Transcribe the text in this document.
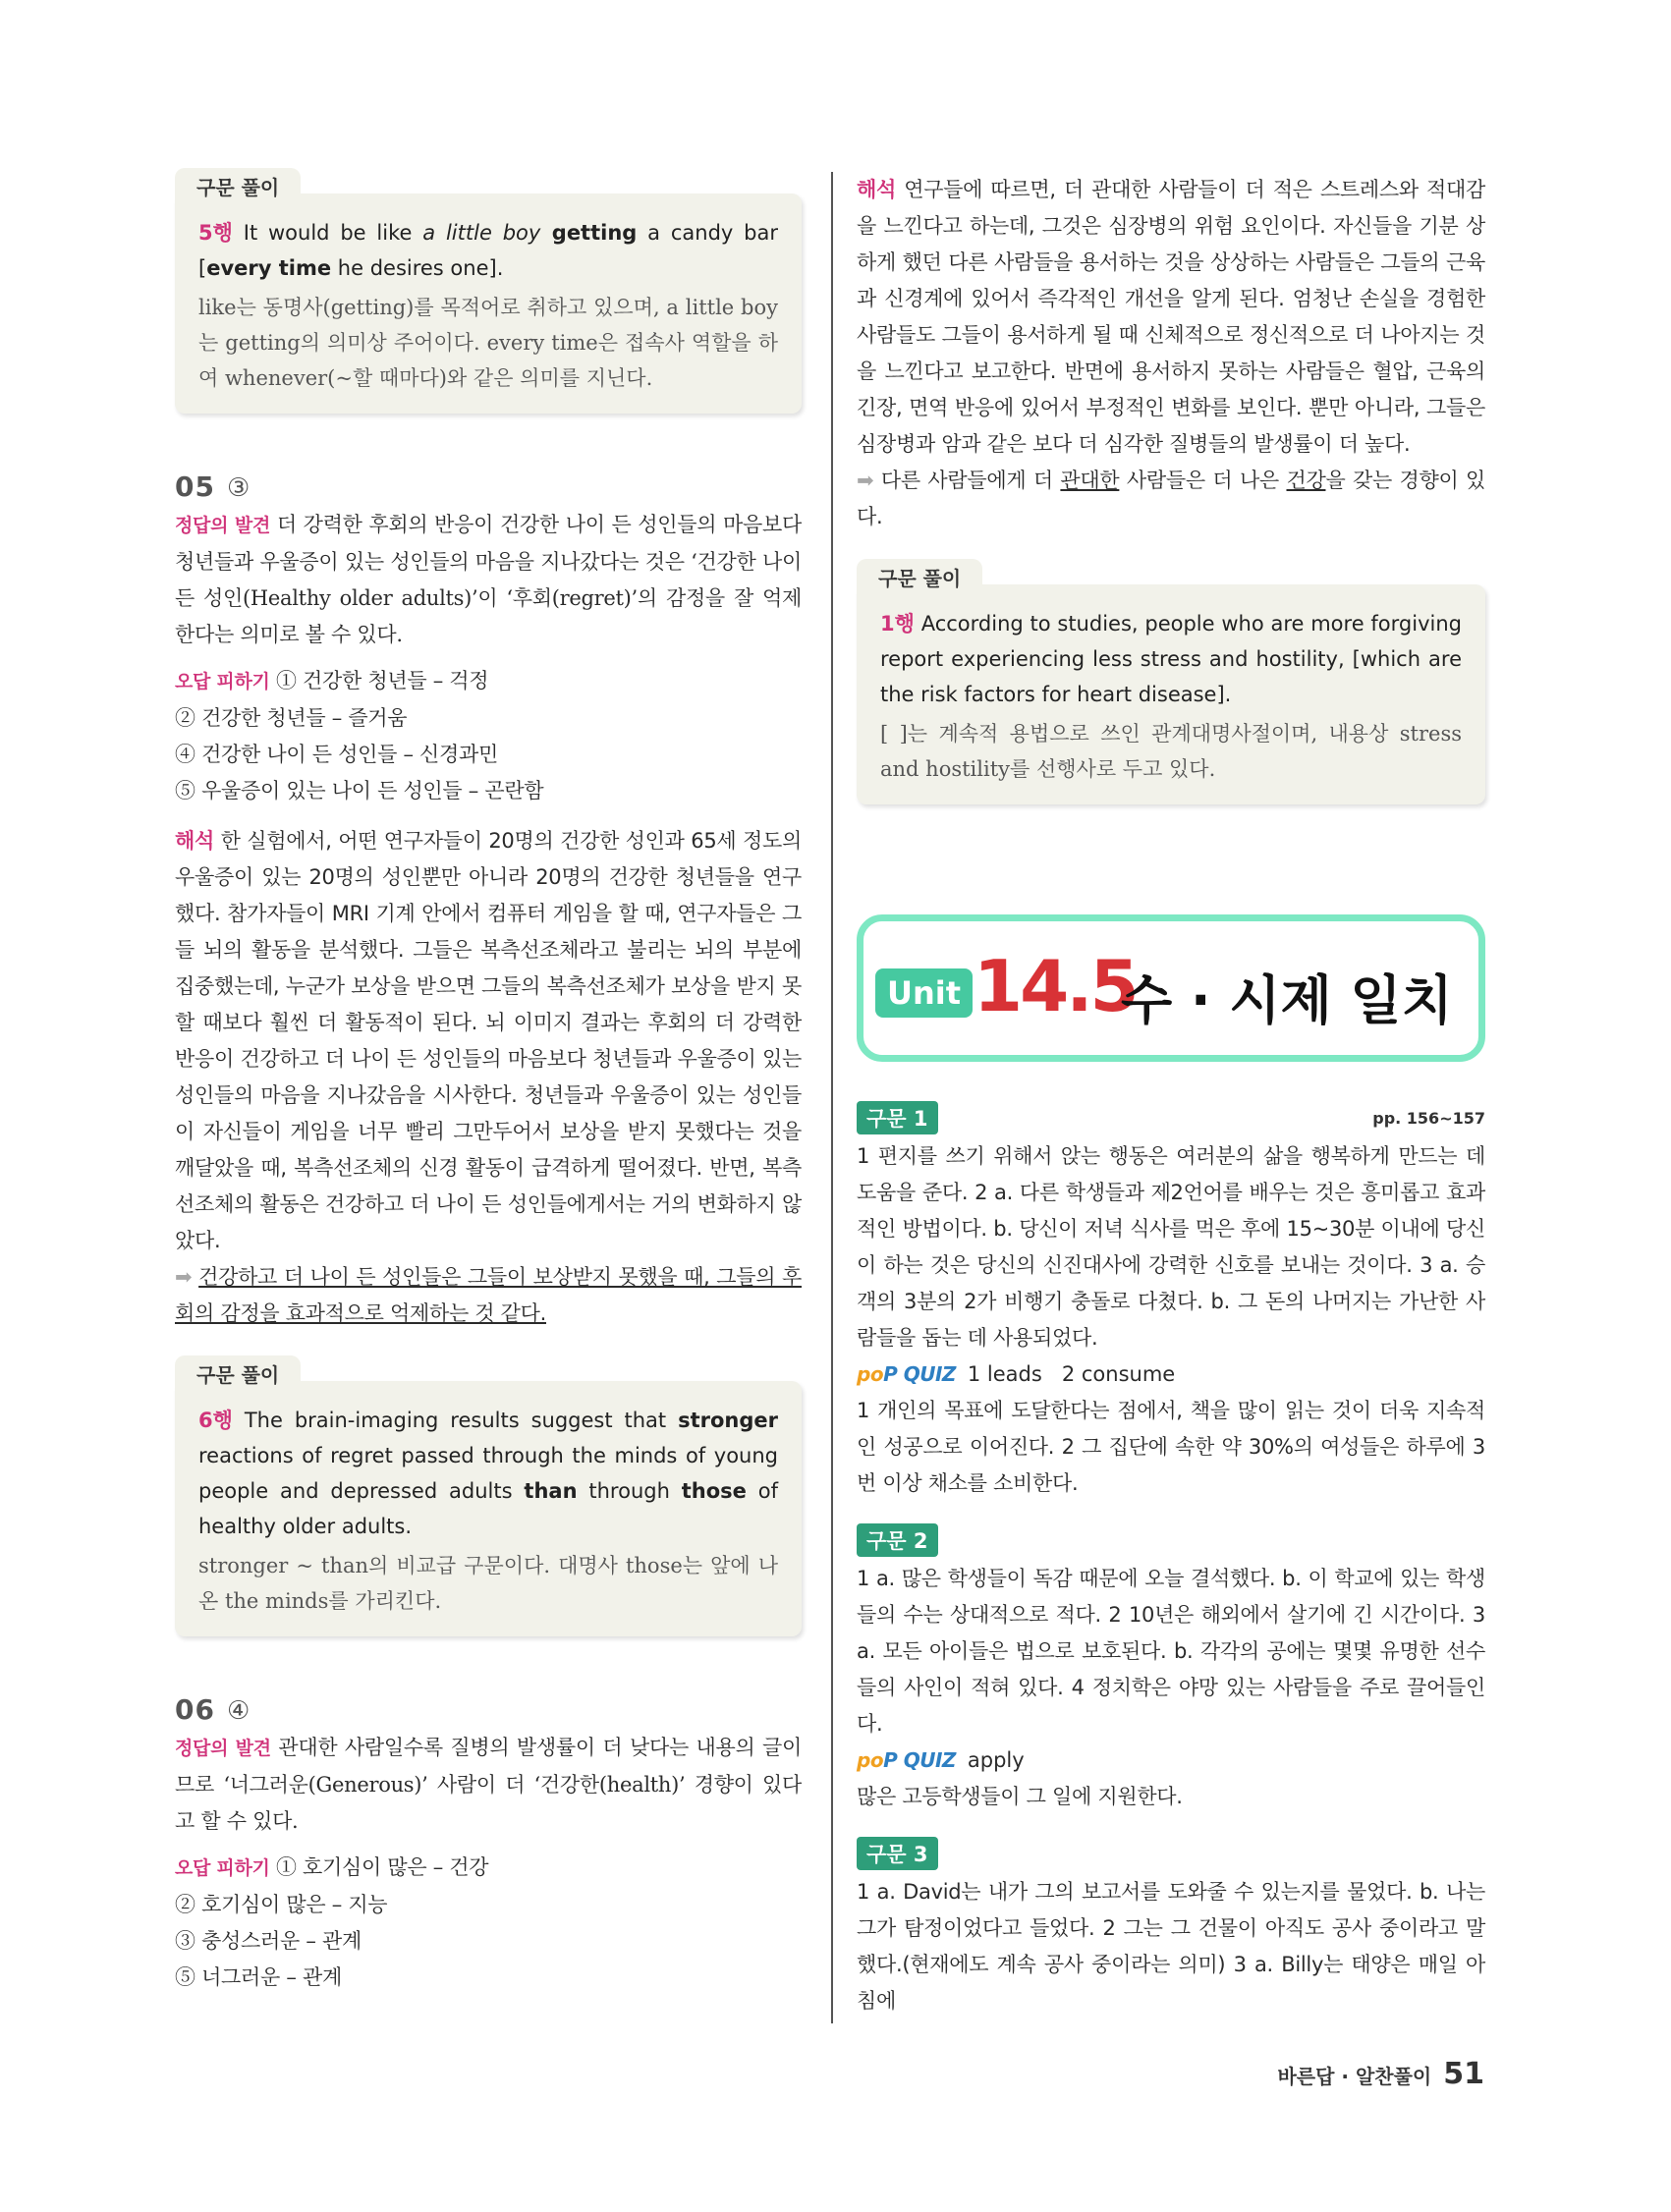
구문 풀이
5행 It would be like a little boy getting a candy bar [every time he desires one].
like는 동명사(getting)를 목적어로 취하고 있으며, a little boy는 getting의 의미상 주어이다. every time은 접속사 역할을 하여 whenever(~할 때마다)와 같은 의미를 지닌다.
05 ③
정답의 발견 더 강력한 후회의 반응이 건강한 나이 든 성인들의 마음보다 청년들과 우울증이 있는 성인들의 마음을 지나갔다는 것은 ‘건강한 나이 든 성인(Healthy older adults)’이 ‘후회(regret)’의 감정을 잘 억제한다는 의미로 볼 수 있다.
오답 피하기 ① 건강한 청년들 – 걱정
② 건강한 청년들 – 즐거움
④ 건강한 나이 든 성인들 – 신경과민
⑤ 우울증이 있는 나이 든 성인들 – 곤란함
해석 한 실험에서, 어떤 연구자들이 20명의 건강한 성인과 65세 정도의 우울증이 있는 20명의 성인뿐만 아니라 20명의 건강한 청년들을 연구했다. 참가자들이 MRI 기계 안에서 컴퓨터 게임을 할 때, 연구자들은 그들 뇌의 활동을 분석했다. 그들은 복측선조체라고 불리는 뇌의 부분에 집중했는데, 누군가 보상을 받으면 그들의 복측선조체가 보상을 받지 못할 때보다 훨씬 더 활동적이 된다. 뇌 이미지 결과는 후회의 더 강력한 반응이 건강하고 더 나이 든 성인들의 마음보다 청년들과 우울증이 있는 성인들의 마음을 지나갔음을 시사한다. 청년들과 우울증이 있는 성인들이 자신들이 게임을 너무 빨리 그만두어서 보상을 받지 못했다는 것을 깨달았을 때, 복측선조체의 신경 활동이 급격하게 떨어졌다. 반면, 복측선조체의 활동은 건강하고 더 나이 든 성인들에게서는 거의 변화하지 않았다.
➡ 건강하고 더 나이 든 성인들은 그들이 보상받지 못했을 때, 그들의 후회의 감정을 효과적으로 억제하는 것 같다.
구문 풀이
6행 The brain-imaging results suggest that stronger reactions of regret passed through the minds of young people and depressed adults than through those of healthy older adults.
stronger ~ than의 비교급 구문이다. 대명사 those는 앞에 나온 the minds를 가리킨다.
06 ④
정답의 발견 관대한 사람일수록 질병의 발생률이 더 낮다는 내용의 글이므로 ‘너그러운(Generous)’ 사람이 더 ‘건강한(health)’ 경향이 있다고 할 수 있다.
오답 피하기 ① 호기심이 많은 – 건강
② 호기심이 많은 – 지능
③ 충성스러운 – 관계
⑤ 너그러운 – 관계
해석 연구들에 따르면, 더 관대한 사람들이 더 적은 스트레스와 적대감을 느낀다고 하는데, 그것은 심장병의 위험 요인이다. 자신들을 기분 상하게 했던 다른 사람들을 용서하는 것을 상상하는 사람들은 그들의 근육과 신경계에 있어서 즉각적인 개선을 알게 된다. 엄청난 손실을 경험한 사람들도 그들이 용서하게 될 때 신체적으로 정신적으로 더 나아지는 것을 느낀다고 보고한다. 반면에 용서하지 못하는 사람들은 혈압, 근육의 긴장, 면역 반응에 있어서 부정적인 변화를 보인다. 뿐만 아니라, 그들은 심장병과 암과 같은 보다 더 심각한 질병들의 발생률이 더 높다.
➡ 다른 사람들에게 더 관대한 사람들은 더 나은 건강을 갖는 경향이 있다.
구문 풀이
1행 According to studies, people who are more forgiving report experiencing less stress and hostility, [which are the risk factors for heart disease].
[ ]는 계속적 용법으로 쓰인 관계대명사절이며, 내용상 stress and hostility를 선행사로 두고 있다.
Unit 14.5
수 · 시제 일치
구문 1	pp. 156~157
1 편지를 쓰기 위해서 앉는 행동은 여러분의 삶을 행복하게 만드는 데 도움을 준다. 2 a. 다른 학생들과 제2언어를 배우는 것은 흥미롭고 효과적인 방법이다. b. 당신이 저녁 식사를 먹은 후에 15~30분 이내에 당신이 하는 것은 당신의 신진대사에 강력한 신호를 보내는 것이다. 3 a. 승객의 3분의 2가 비행기 충돌로 다쳤다. b. 그 돈의 나머지는 가난한 사람들을 돕는 데 사용되었다.
poP QUIZ 1 leads   2 consume
1 개인의 목표에 도달한다는 점에서, 책을 많이 읽는 것이 더욱 지속적인 성공으로 이어진다. 2 그 집단에 속한 약 30%의 여성들은 하루에 3번 이상 채소를 소비한다.
구문 2
1 a. 많은 학생들이 독감 때문에 오늘 결석했다. b. 이 학교에 있는 학생들의 수는 상대적으로 적다. 2 10년은 해외에서 살기에 긴 시간이다. 3 a. 모든 아이들은 법으로 보호된다. b. 각각의 공에는 몇몇 유명한 선수들의 사인이 적혀 있다. 4 정치학은 야망 있는 사람들을 주로 끌어들인다.
poP QUIZ apply
많은 고등학생들이 그 일에 지원한다.
구문 3
1 a. David는 내가 그의 보고서를 도와줄 수 있는지를 물었다. b. 나는 그가 탐정이었다고 들었다. 2 그는 그 건물이 아직도 공사 중이라고 말했다.(현재에도 계속 공사 중이라는 의미) 3 a. Billy는 태양은 매일 아침에
바른답 · 알찬풀이 51
